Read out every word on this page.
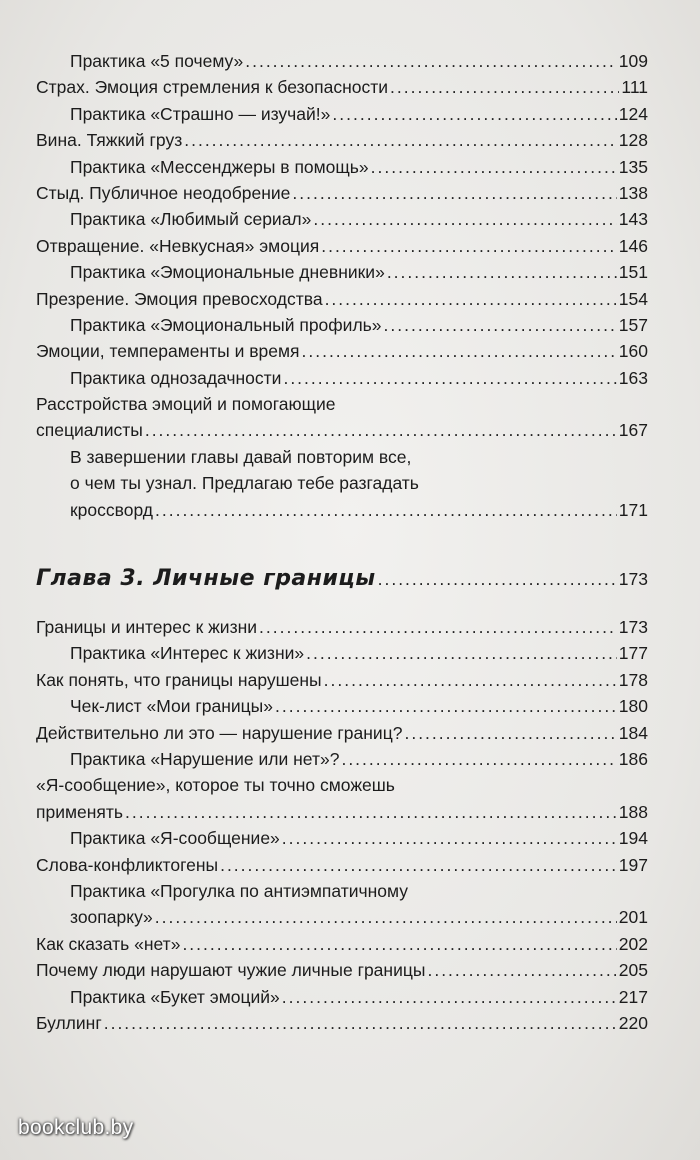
Практика «5 почему» .....	109
Страх. Эмоция стремления к безопасности .....	111
Практика «Страшно — изучай!» .....	124
Вина. Тяжкий груз .....	128
Практика «Мессенджеры в помощь» .....	135
Стыд. Публичное неодобрение .....	138
Практика «Любимый сериал» .....	143
Отвращение. «Невкусная» эмоция .....	146
Практика «Эмоциональные дневники» .....	151
Презрение. Эмоция превосходства .....	154
Практика «Эмоциональный профиль» .....	157
Эмоции, темпераменты и время .....	160
Практика однозадачности .....	163
Расстройства эмоций и помогающие
специалисты .....	167
В завершении главы давай повторим все,
о чем ты узнал. Предлагаю тебе разгадать
кроссворд .....	171
Глава 3. Личные границы .....	173
Границы и интерес к жизни .....	173
Практика «Интерес к жизни» .....	177
Как понять, что границы нарушены .....	178
Чек-лист «Мои границы» .....	180
Действительно ли это — нарушение границ? .....	184
Практика «Нарушение или нет»? .....	186
«Я-сообщение», которое ты точно сможешь
применять .....	188
Практика «Я-сообщение» .....	194
Слова-конфликтогены .....	197
Практика «Прогулка по антиэмпатичному
зоопарку» .....	201
Как сказать «нет» .....	202
Почему люди нарушают чужие личные границы .....	205
Практика «Букет эмоций» .....	217
Буллинг .....	220
bookclub.by
